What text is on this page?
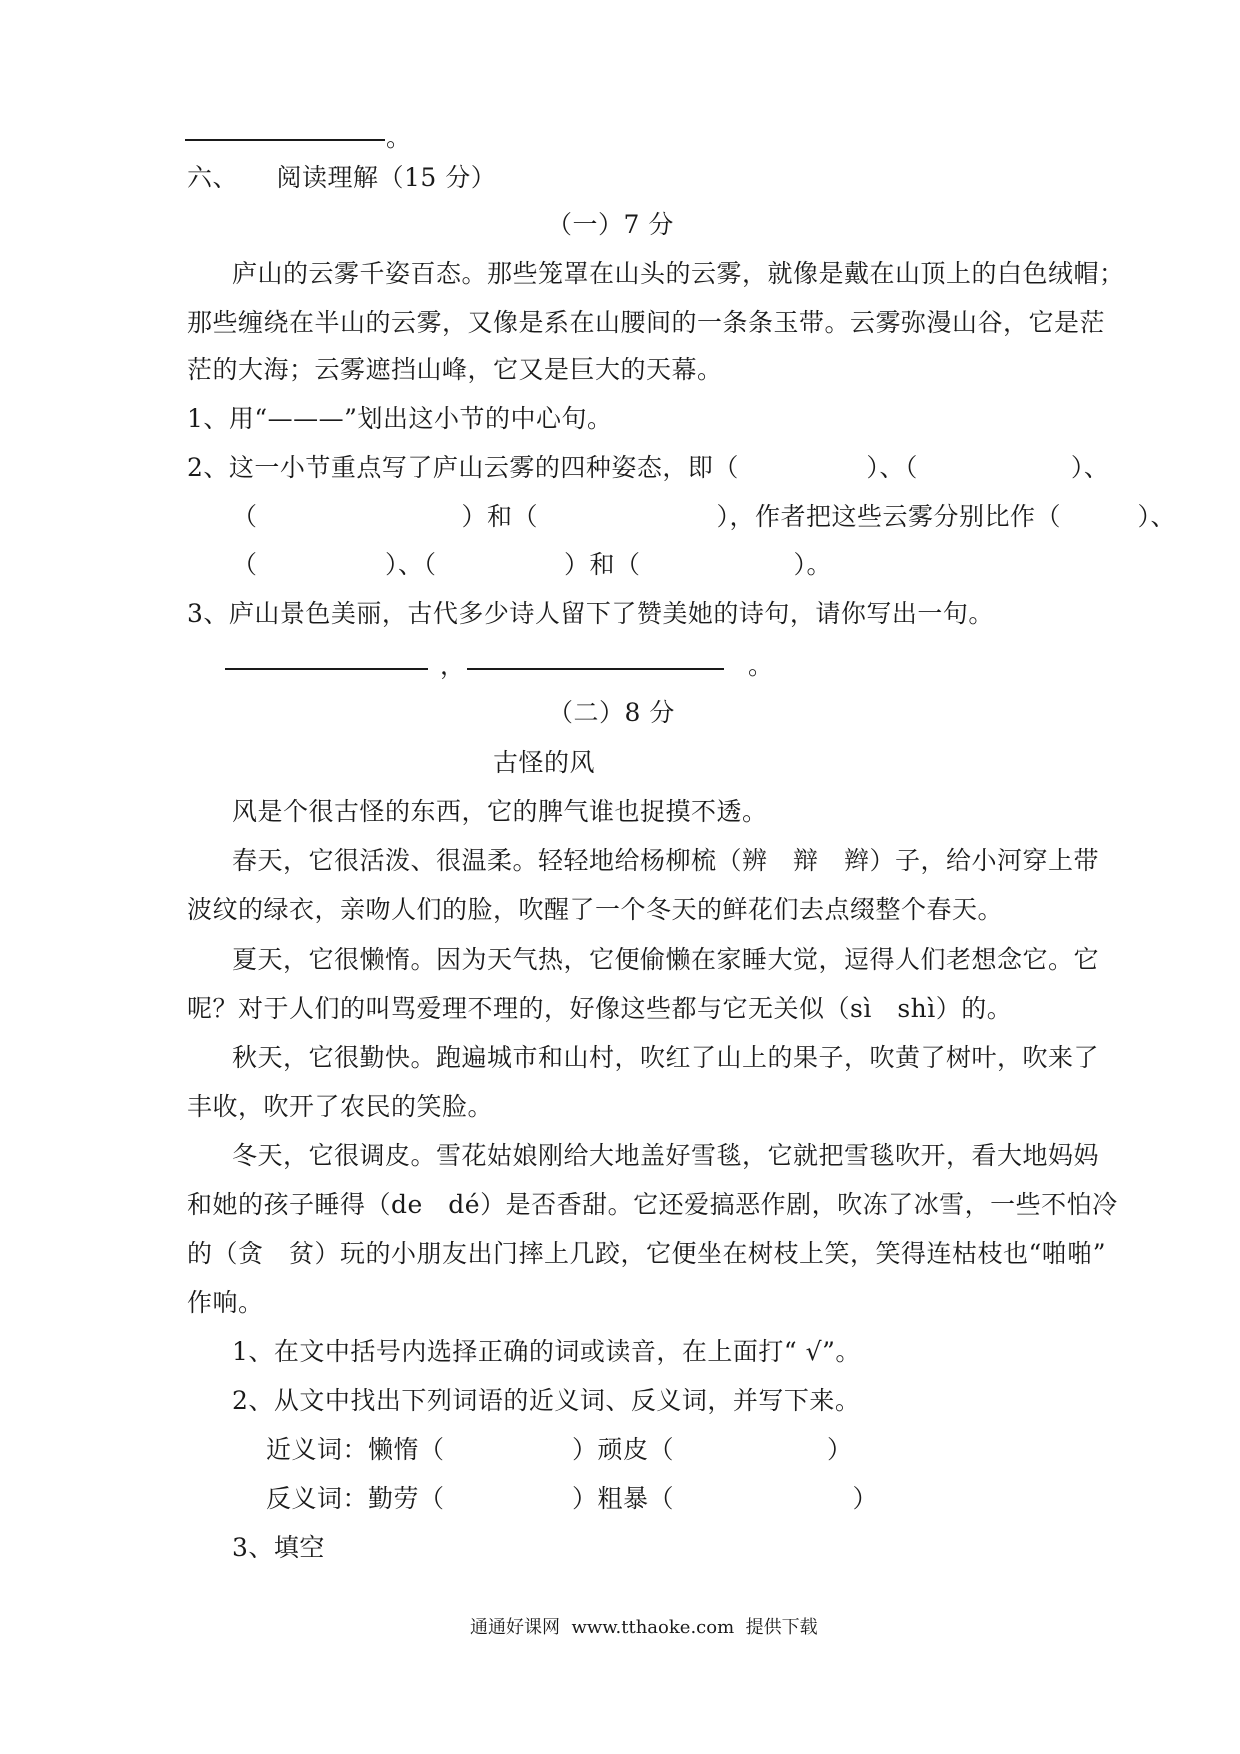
。
六、　　阅读理解（15 分）
（一）7 分
庐山的云雾千姿百态。那些笼罩在山头的云雾，就像是戴在山顶上的白色绒帽；
那些缠绕在半山的云雾，又像是系在山腰间的一条条玉带。云雾弥漫山谷，它是茫
茫的大海；云雾遮挡山峰，它又是巨大的天幕。
1、用“———”划出这小节的中心句。
2、这一小节重点写了庐山云雾的四种姿态，即（　　　　　）、（　　　　　　）、
（　　　　　　　　）和（　　　　　　　），作者把这些云雾分别比作（　　　）、
（　　　　　）、（　　　　　）和（　　　　　　）。
3、庐山景色美丽，古代多少诗人留下了赞美她的诗句，请你写出一句。
，	。
（二）8 分
古怪的风
风是个很古怪的东西，它的脾气谁也捉摸不透。
春天，它很活泼、很温柔。轻轻地给杨柳梳（辨　辩　辫）子，给小河穿上带
波纹的绿衣，亲吻人们的脸，吹醒了一个冬天的鲜花们去点缀整个春天。
夏天，它很懒惰。因为天气热，它便偷懒在家睡大觉，逗得人们老想念它。它
呢？对于人们的叫骂爱理不理的，好像这些都与它无关似（sì　shì）的。
秋天，它很勤快。跑遍城市和山村，吹红了山上的果子，吹黄了树叶，吹来了
丰收，吹开了农民的笑脸。
冬天，它很调皮。雪花姑娘刚给大地盖好雪毯，它就把雪毯吹开，看大地妈妈
和她的孩子睡得（de　dé）是否香甜。它还爱搞恶作剧，吹冻了冰雪，一些不怕冷
的（贪　贫）玩的小朋友出门摔上几跤，它便坐在树枝上笑，笑得连枯枝也“啪啪”
作响。
1、在文中括号内选择正确的词或读音，在上面打“ √”。
2、从文中找出下列词语的近义词、反义词，并写下来。
近义词：懒惰（　　　　　）顽皮（　　　　　　）
反义词：勤劳（　　　　　）粗暴（　　　　　　　）
3、填空
通通好课网  www.tthaoke.com  提供下载
